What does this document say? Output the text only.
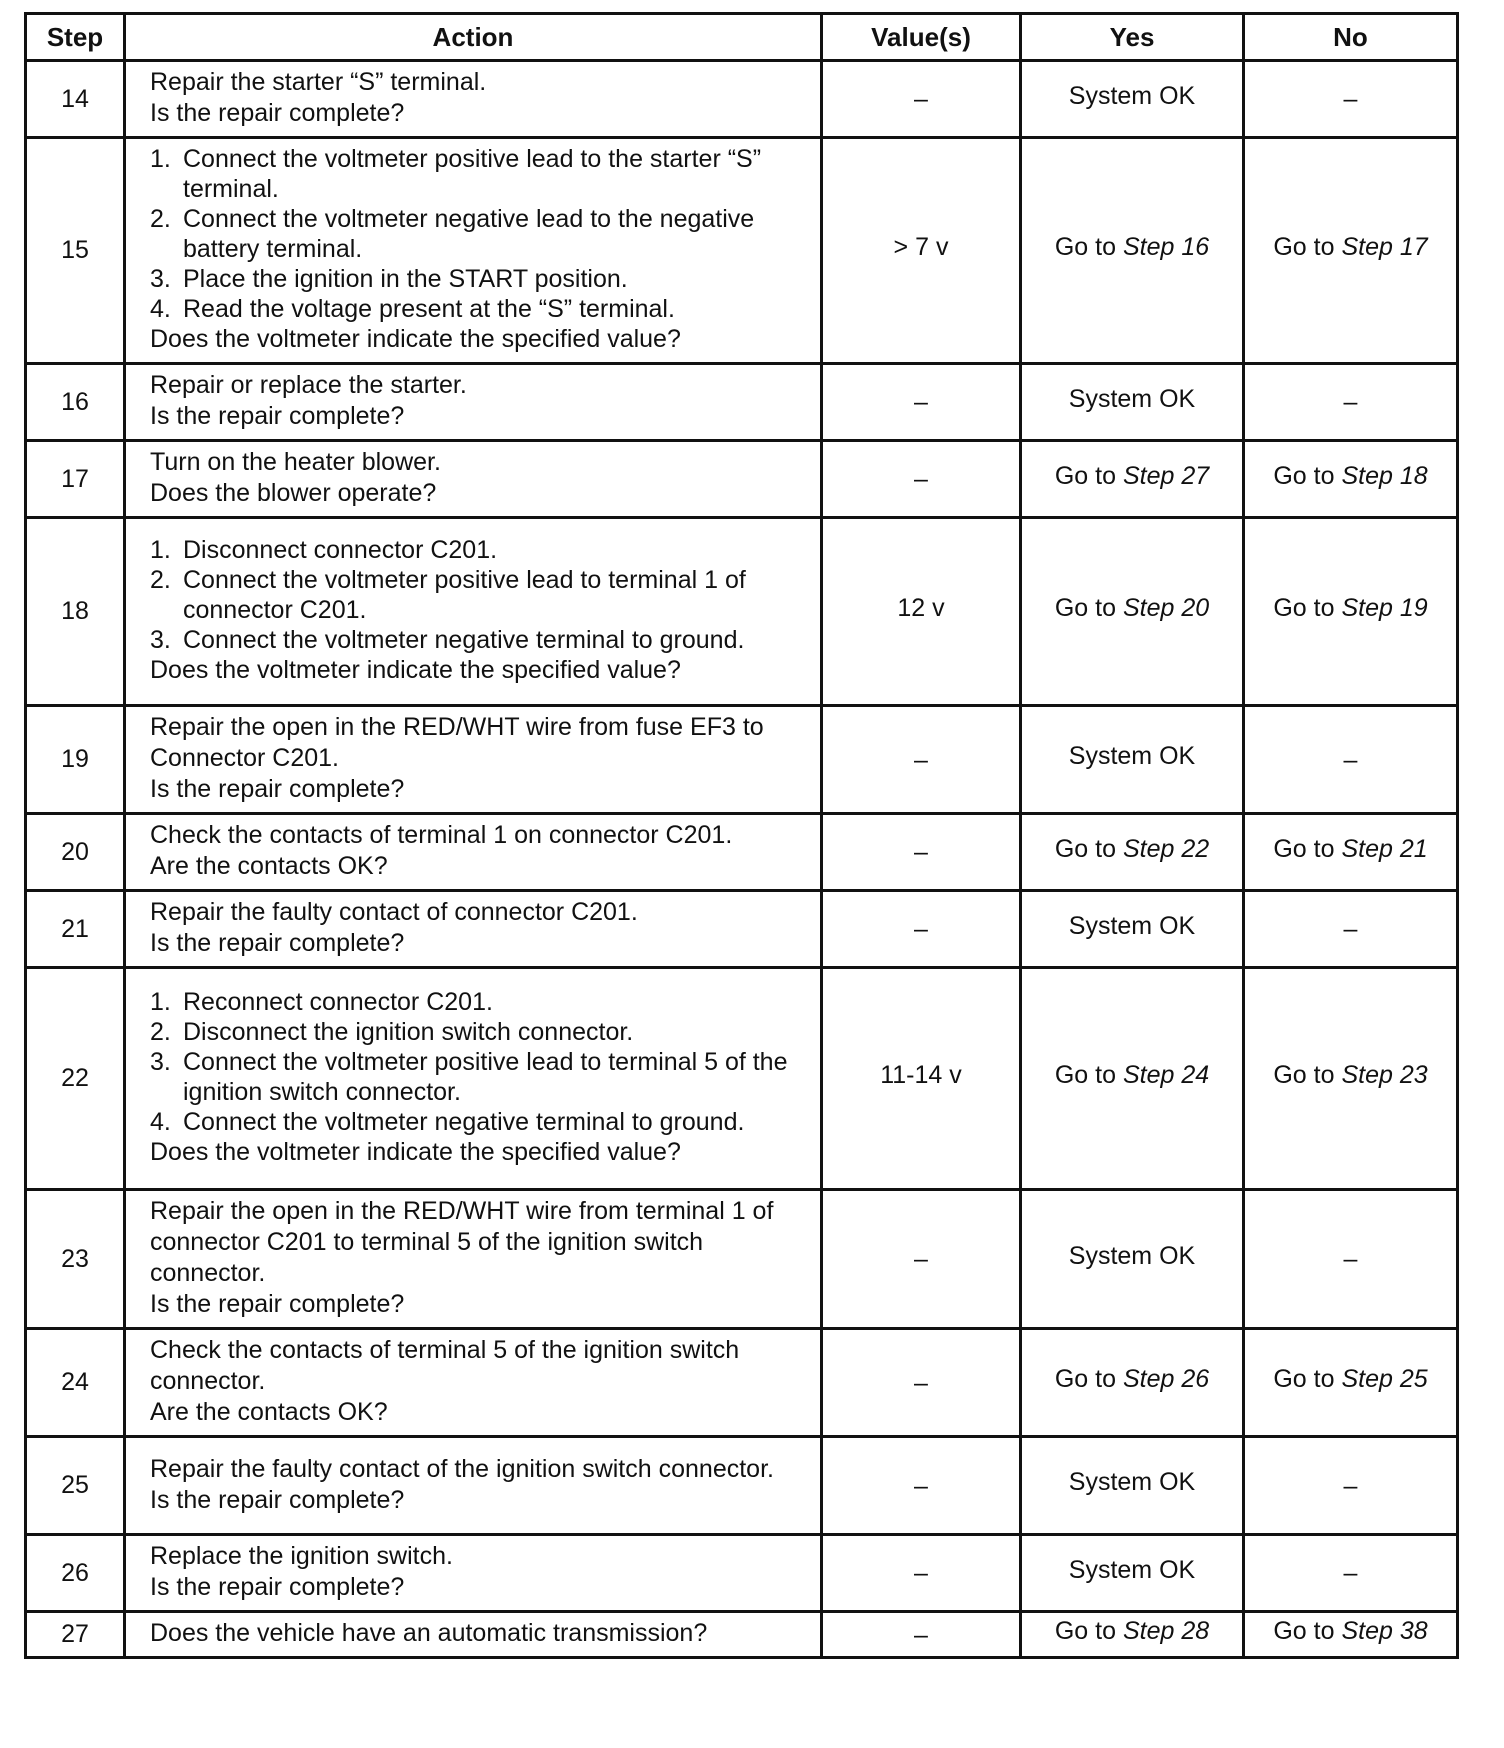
Step	Action	Value(s)	Yes	No
14	Repair the starter “S” terminal.
Is the repair complete?	–	System OK	–
15	1. Connect the voltmeter positive lead to the starter “S” terminal.
2. Connect the voltmeter negative lead to the negative battery terminal.
3. Place the ignition in the START position.
4. Read the voltage present at the “S” terminal.
Does the voltmeter indicate the specified value?	> 7 v	Go to Step 16	Go to Step 17
16	Repair or replace the starter.
Is the repair complete?	–	System OK	–
17	Turn on the heater blower.
Does the blower operate?	–	Go to Step 27	Go to Step 18
18	1. Disconnect connector C201.
2. Connect the voltmeter positive lead to terminal 1 of connector C201.
3. Connect the voltmeter negative terminal to ground.
Does the voltmeter indicate the specified value?	12 v	Go to Step 20	Go to Step 19
19	Repair the open in the RED/WHT wire from fuse EF3 to Connector C201.
Is the repair complete?	–	System OK	–
20	Check the contacts of terminal 1 on connector C201.
Are the contacts OK?	–	Go to Step 22	Go to Step 21
21	Repair the faulty contact of connector C201.
Is the repair complete?	–	System OK	–
22	1. Reconnect connector C201.
2. Disconnect the ignition switch connector.
3. Connect the voltmeter positive lead to terminal 5 of the ignition switch connector.
4. Connect the voltmeter negative terminal to ground.
Does the voltmeter indicate the specified value?	11-14 v	Go to Step 24	Go to Step 23
23	Repair the open in the RED/WHT wire from terminal 1 of connector C201 to terminal 5 of the ignition switch connector.
Is the repair complete?	–	System OK	–
24	Check the contacts of terminal 5 of the ignition switch connector.
Are the contacts OK?	–	Go to Step 26	Go to Step 25
25	Repair the faulty contact of the ignition switch connector.
Is the repair complete?	–	System OK	–
26	Replace the ignition switch.
Is the repair complete?	–	System OK	–
27	Does the vehicle have an automatic transmission?	–	Go to Step 28	Go to Step 38
